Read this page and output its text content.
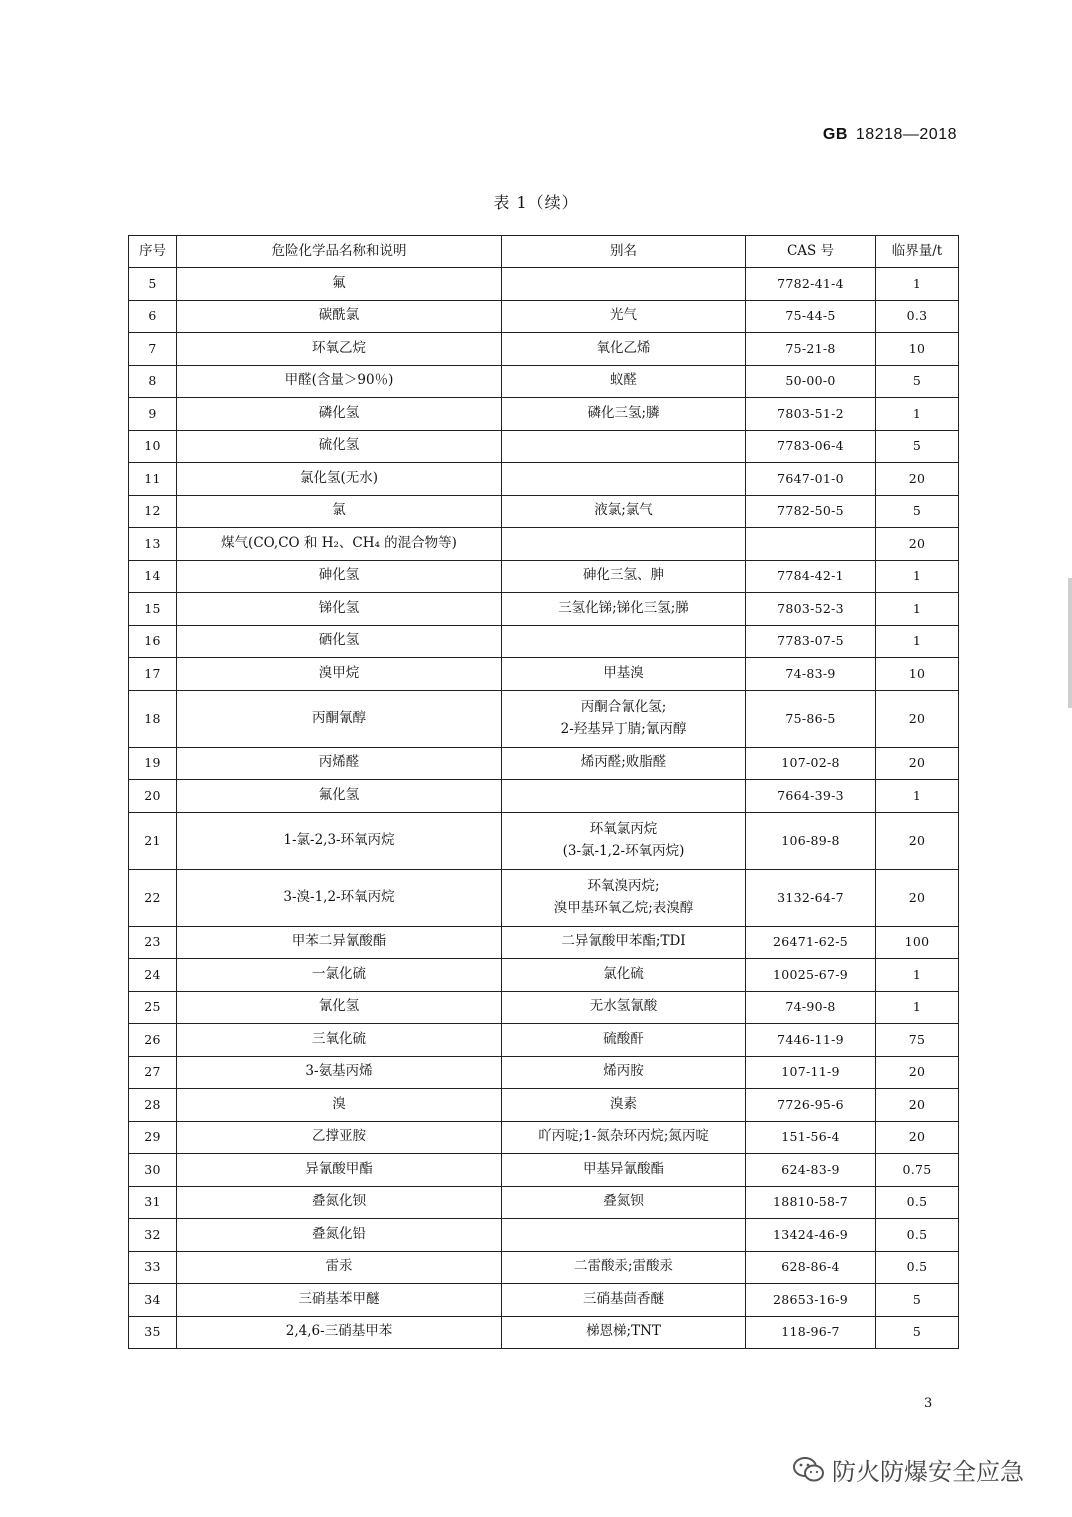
GB 18218—2018
表 1（续）
序号	危险化学品名称和说明	别名	CAS 号	临界量/t
5	氟		7782-41-4	1
6	碳酰氯	光气	75-44-5	0.3
7	环氧乙烷	氧化乙烯	75-21-8	10
8	甲醛(含量＞90％)	蚁醛	50-00-0	5
9	磷化氢	磷化三氢;膦	7803-51-2	1
10	硫化氢		7783-06-4	5
11	氯化氢(无水)		7647-01-0	20
12	氯	液氯;氯气	7782-50-5	5
13	煤气(CO,CO 和 H₂、CH₄ 的混合物等)			20
14	砷化氢	砷化三氢、胂	7784-42-1	1
15	锑化氢	三氢化锑;锑化三氢;䏲	7803-52-3	1
16	硒化氢		7783-07-5	1
17	溴甲烷	甲基溴	74-83-9	10
18	丙酮氰醇	丙酮合氰化氢;
2-羟基异丁腈;氰丙醇	75-86-5	20
19	丙烯醛	烯丙醛;败脂醛	107-02-8	20
20	氟化氢		7664-39-3	1
21	1-氯-2,3-环氧丙烷	环氧氯丙烷
(3-氯-1,2-环氧丙烷)	106-89-8	20
22	3-溴-1,2-环氧丙烷	环氧溴丙烷;
溴甲基环氧乙烷;表溴醇	3132-64-7	20
23	甲苯二异氰酸酯	二异氰酸甲苯酯;TDI	26471-62-5	100
24	一氯化硫	氯化硫	10025-67-9	1
25	氰化氢	无水氢氰酸	74-90-8	1
26	三氧化硫	硫酸酐	7446-11-9	75
27	3-氨基丙烯	烯丙胺	107-11-9	20
28	溴	溴素	7726-95-6	20
29	乙撑亚胺	吖丙啶;1-氮杂环丙烷;氮丙啶	151-56-4	20
30	异氰酸甲酯	甲基异氰酸酯	624-83-9	0.75
31	叠氮化钡	叠氮钡	18810-58-7	0.5
32	叠氮化铅		13424-46-9	0.5
33	雷汞	二雷酸汞;雷酸汞	628-86-4	0.5
34	三硝基苯甲醚	三硝基茴香醚	28653-16-9	5
35	2,4,6-三硝基甲苯	梯恩梯;TNT	118-96-7	5
3
防火防爆安全应急
